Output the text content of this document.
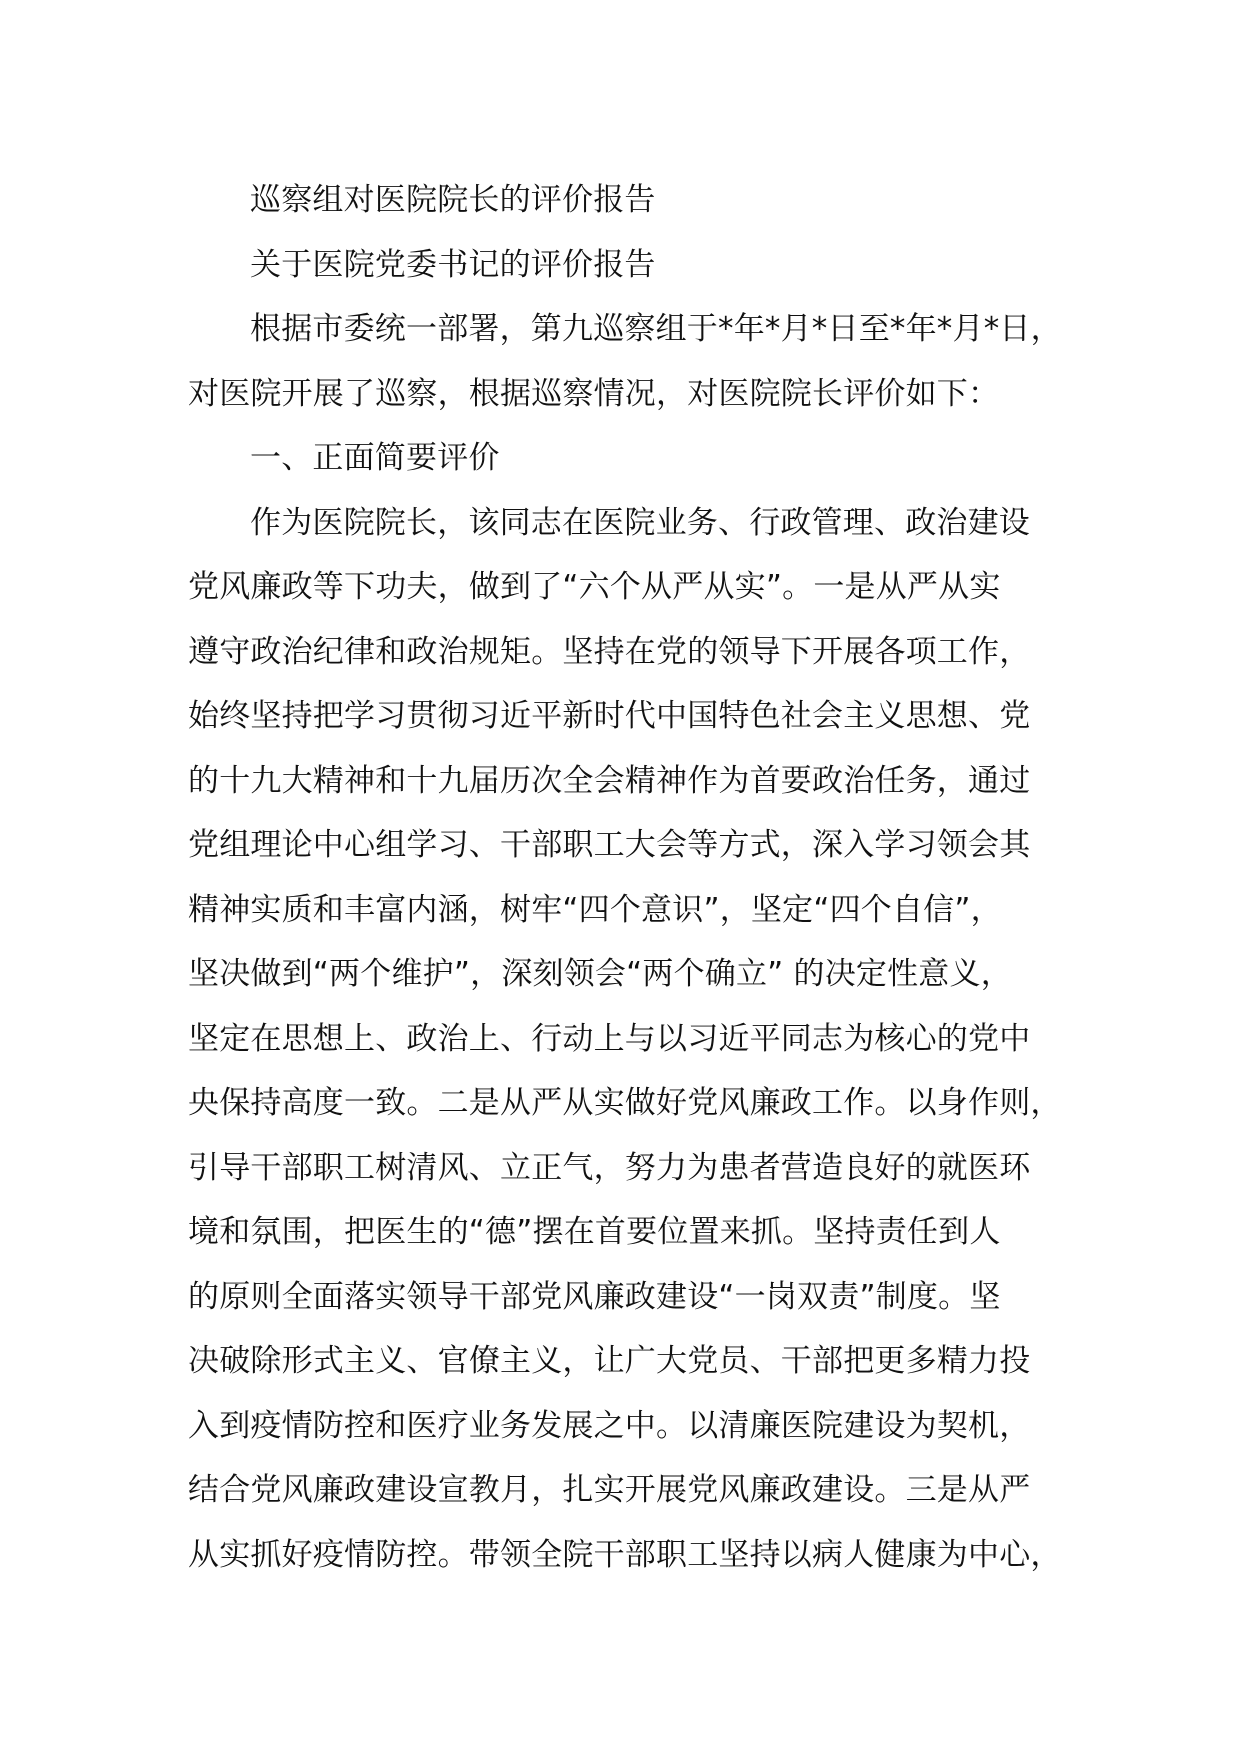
巡察组对医院院长的评价报告
关于医院党委书记的评价报告
根据市委统一部署，第九巡察组于*年*月*日至*年*月*日，
对医院开展了巡察，根据巡察情况，对医院院长评价如下：
一、正面简要评价
作为医院院长，该同志在医院业务、行政管理、政治建设
党风廉政等下功夫，做到了“六个从严从实”。一是从严从实
遵守政治纪律和政治规矩。坚持在党的领导下开展各项工作，
始终坚持把学习贯彻习近平新时代中国特色社会主义思想、党
的十九大精神和十九届历次全会精神作为首要政治任务，通过
党组理论中心组学习、干部职工大会等方式，深入学习领会其
精神实质和丰富内涵，树牢“四个意识”，坚定“四个自信”，
坚决做到“两个维护”，深刻领会“两个确立” 的决定性意义，
坚定在思想上、政治上、行动上与以习近平同志为核心的党中
央保持高度一致。二是从严从实做好党风廉政工作。以身作则，
引导干部职工树清风、立正气，努力为患者营造良好的就医环
境和氛围，把医生的“德”摆在首要位置来抓。坚持责任到人
的原则全面落实领导干部党风廉政建设“一岗双责”制度。坚
决破除形式主义、官僚主义，让广大党员、干部把更多精力投
入到疫情防控和医疗业务发展之中。以清廉医院建设为契机，
结合党风廉政建设宣教月，扎实开展党风廉政建设。三是从严
从实抓好疫情防控。带领全院干部职工坚持以病人健康为中心，
